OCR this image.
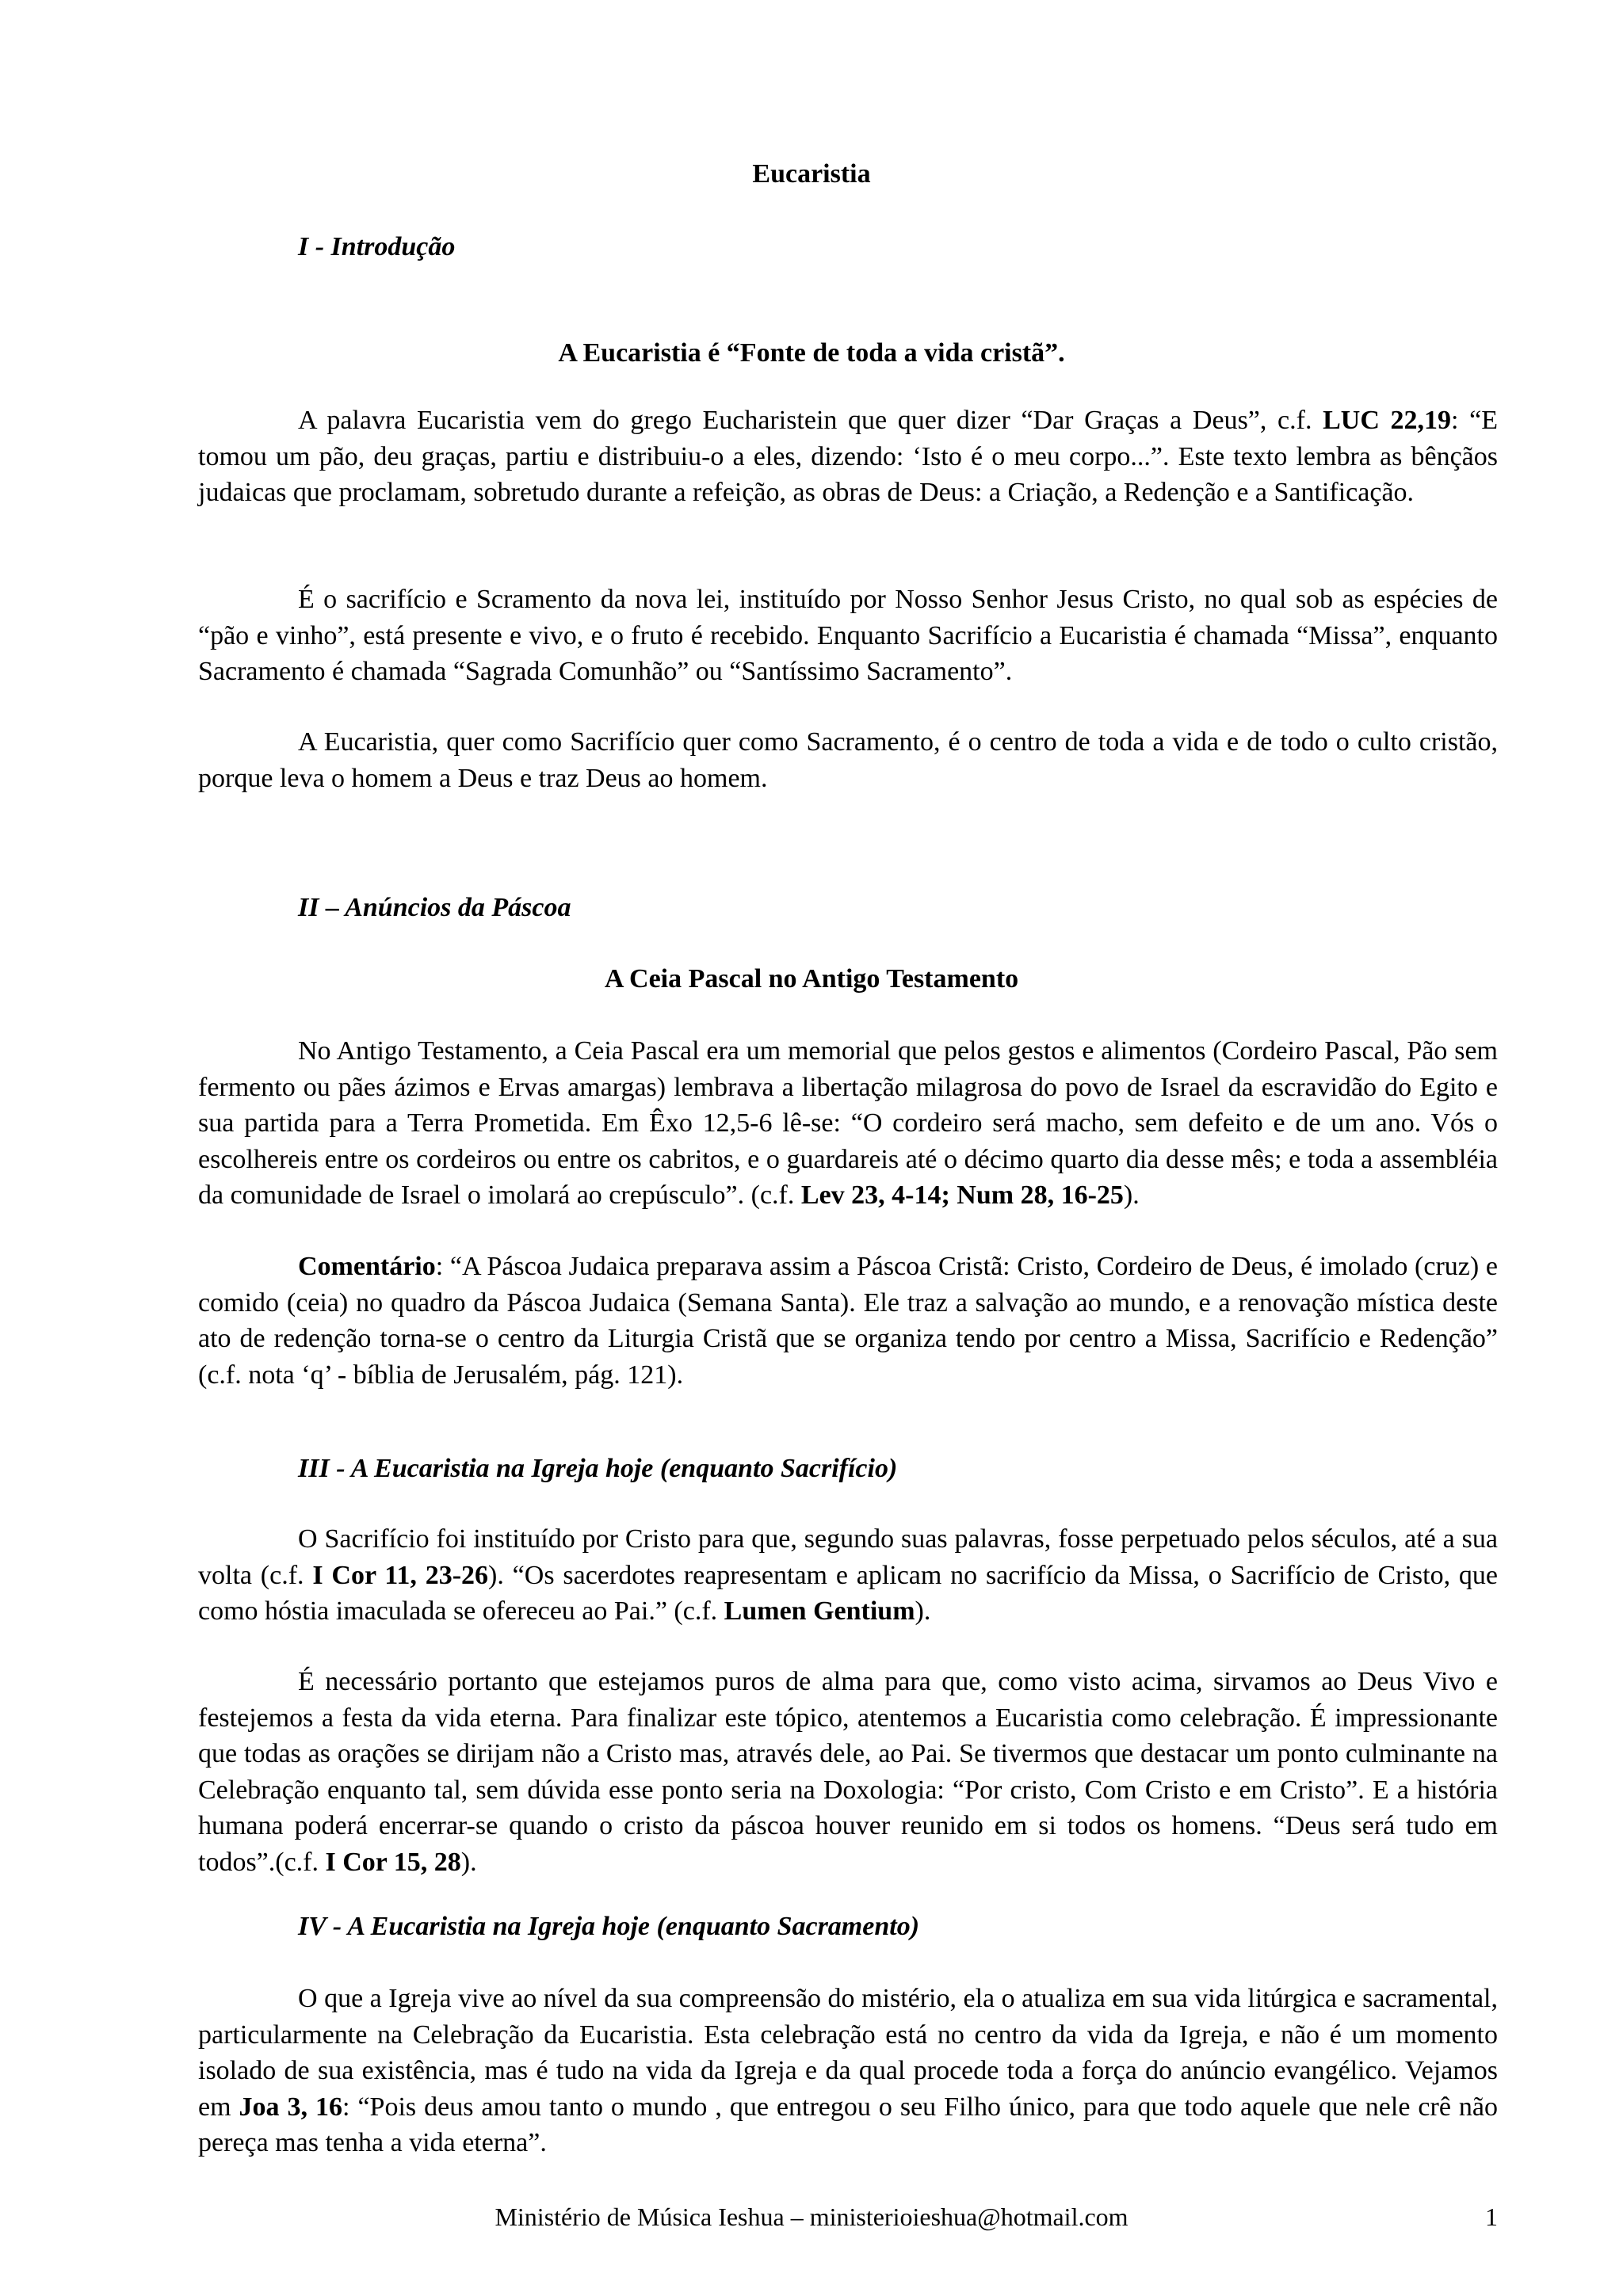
Eucaristia
I - Introdução
A Eucaristia é “Fonte de toda a vida cristã”.

A palavra Eucaristia vem do grego Eucharistein que quer dizer “Dar Graças a Deus”, c.f. LUC 22,19: “E tomou um pão, deu graças, partiu e distribuiu-o a eles, dizendo: ‘Isto é o meu corpo...”. Este texto lembra as bênçãos judaicas que proclamam, sobretudo durante a refeição, as obras de Deus: a Criação, a Redenção e a Santificação.

É o sacrifício e Scramento da nova lei, instituído por Nosso Senhor Jesus Cristo, no qual sob as espécies de “pão e vinho”, está presente e vivo, e o fruto é recebido. Enquanto Sacrifício a Eucaristia é chamada “Missa”, enquanto Sacramento é chamada “Sagrada Comunhão” ou “Santíssimo Sacramento”.

A Eucaristia, quer como Sacrifício quer como Sacramento, é o centro de toda a vida e de todo o culto cristão, porque leva o homem a Deus e traz Deus ao homem.

II – Anúncios da Páscoa
A Ceia Pascal no Antigo Testamento

No Antigo Testamento, a Ceia Pascal era um memorial que pelos gestos e alimentos (Cordeiro Pascal, Pão sem fermento ou pães ázimos e Ervas amargas) lembrava a libertação milagrosa do povo de Israel da escravidão do Egito e sua partida para a Terra Prometida. Em Êxo 12,5-6 lê-se: “O cordeiro será macho, sem defeito e de um ano. Vós o escolhereis entre os cordeiros ou entre os cabritos, e o guardareis até o décimo quarto dia desse mês; e toda a assembléia da comunidade de Israel o imolará ao crepúsculo”. (c.f. Lev 23, 4-14; Num 28, 16-25).

Comentário: “A Páscoa Judaica preparava assim a Páscoa Cristã: Cristo, Cordeiro de Deus, é imolado (cruz) e comido (ceia) no quadro da Páscoa Judaica (Semana Santa). Ele traz a salvação ao mundo, e a renovação mística deste ato de redenção torna-se o centro da Liturgia Cristã que se organiza tendo por centro a Missa, Sacrifício e Redenção” (c.f. nota ‘q’ - bíblia de Jerusalém, pág. 121).

III - A Eucaristia na Igreja hoje (enquanto Sacrifício)

O Sacrifício foi instituído por Cristo para que, segundo suas palavras, fosse perpetuado pelos séculos, até a sua volta (c.f. I Cor 11, 23-26). “Os sacerdotes reapresentam e aplicam no sacrifício da Missa, o Sacrifício de Cristo, que como hóstia imaculada se ofereceu ao Pai.” (c.f. Lumen Gentium).

É necessário portanto que estejamos puros de alma para que, como visto acima, sirvamos ao Deus Vivo e festejemos a festa da vida eterna. Para finalizar este tópico, atentemos a Eucaristia como celebração. É impressionante que todas as orações se dirijam não a Cristo mas, através dele, ao Pai. Se tivermos que destacar um ponto culminante na Celebração enquanto tal, sem dúvida esse ponto seria na Doxologia: “Por cristo, Com Cristo e em Cristo”. E a história humana poderá encerrar-se quando o cristo da páscoa houver reunido em si todos os homens. “Deus será tudo em todos”.(c.f. I Cor 15, 28).

IV - A Eucaristia na Igreja hoje (enquanto Sacramento)

O que a Igreja vive ao nível da sua compreensão do mistério, ela o atualiza em sua vida litúrgica e sacramental, particularmente na Celebração da Eucaristia. Esta celebração está no centro da vida da Igreja, e não é um momento isolado de sua existência, mas é tudo na vida da Igreja e da qual procede toda a força do anúncio evangélico. Vejamos em Joa 3, 16: “Pois deus amou tanto o mundo , que entregou o seu Filho único, para que todo aquele que nele crê não pereça mas tenha a vida eterna”.

Ministério de Música Ieshua – ministerioieshua@hotmail.com	1
